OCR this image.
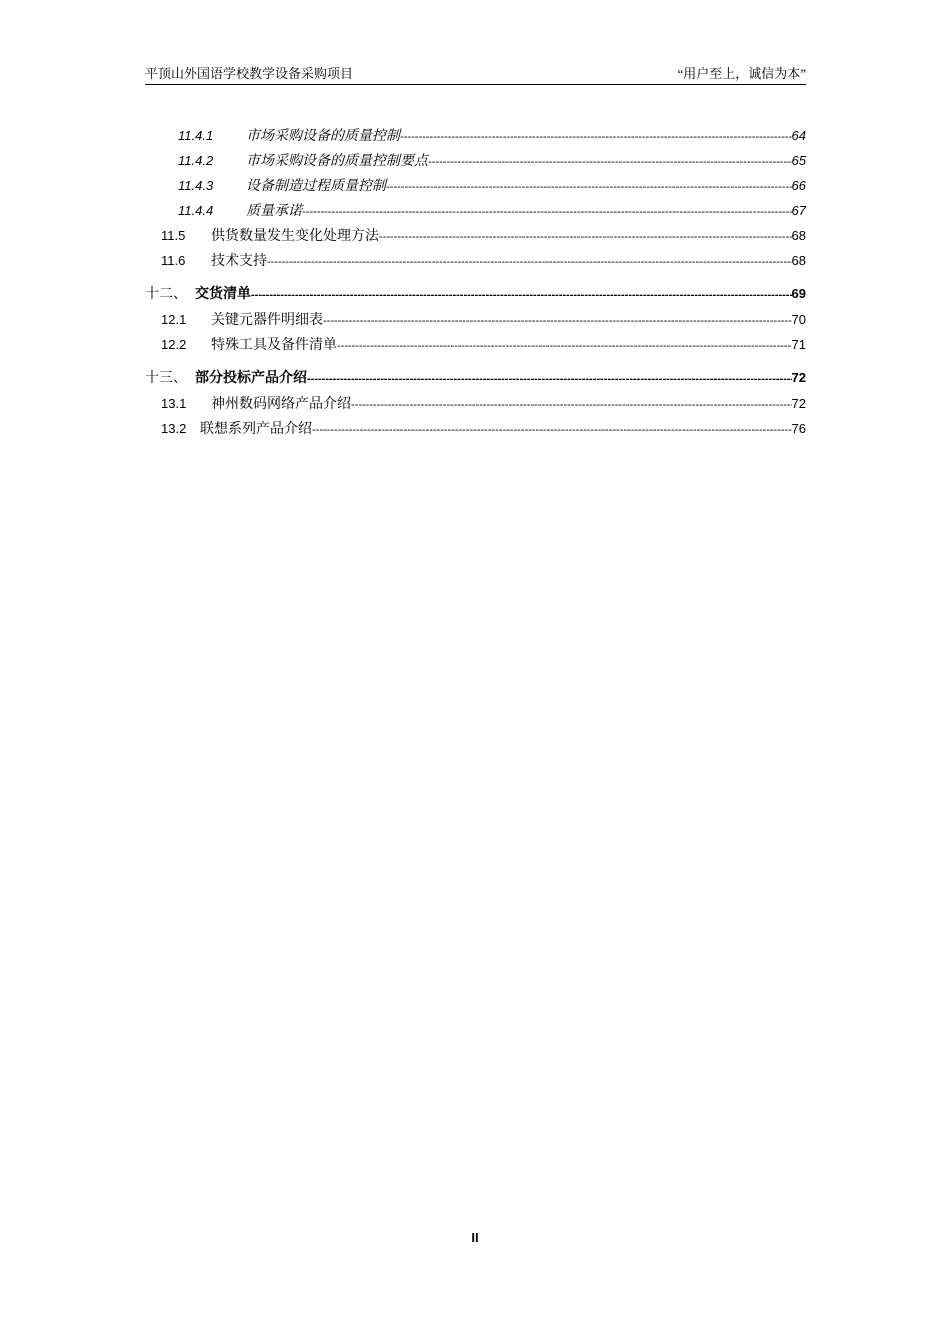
平顶山外国语学校教学设备采购项目	“用户至上，诚信为本”
11.4.1	市场采购设备的质量控制 -----	64
11.4.2	市场采购设备的质量控制要点 -----	65
11.4.3	设备制造过程质量控制 -----	66
11.4.4	质量承诺 -----	67
11.5	供货数量发生变化处理方法 -----	68
11.6	技术支持 -----	68
十二、 交货清单 -----	69
12.1	关键元器件明细表 -----	70
12.2	特殊工具及备件清单 -----	71
十三、 部分投标产品介绍 -----	72
13.1	神州数码网络产品介绍 -----	72
13.2 联想系列产品介绍 -----	76
II
